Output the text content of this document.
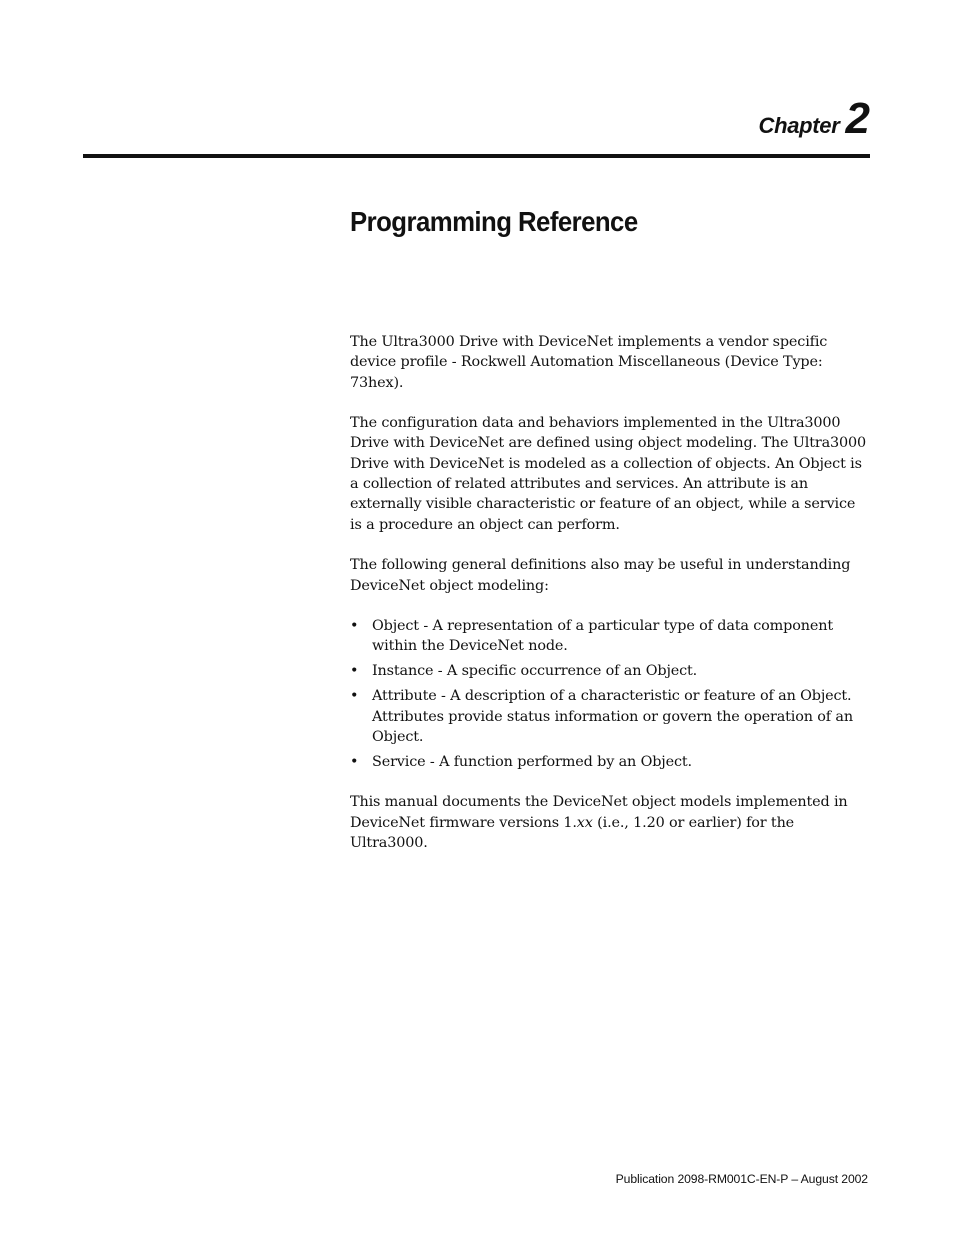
Chapter 2
Programming Reference

The Ultra3000 Drive with DeviceNet implements a vendor specific device profile - Rockwell Automation Miscellaneous (Device Type: 73hex).

The configuration data and behaviors implemented in the Ultra3000 Drive with DeviceNet are defined using object modeling. The Ultra3000 Drive with DeviceNet is modeled as a collection of objects. An Object is a collection of related attributes and services. An attribute is an externally visible characteristic or feature of an object, while a service is a procedure an object can perform.

The following general definitions also may be useful in understanding DeviceNet object modeling:

• Object - A representation of a particular type of data component within the DeviceNet node.
• Instance - A specific occurrence of an Object.
• Attribute - A description of a characteristic or feature of an Object. Attributes provide status information or govern the operation of an Object.
• Service - A function performed by an Object.

This manual documents the DeviceNet object models implemented in DeviceNet firmware versions 1.xx (i.e., 1.20 or earlier) for the Ultra3000.

Publication 2098-RM001C-EN-P – August 2002
